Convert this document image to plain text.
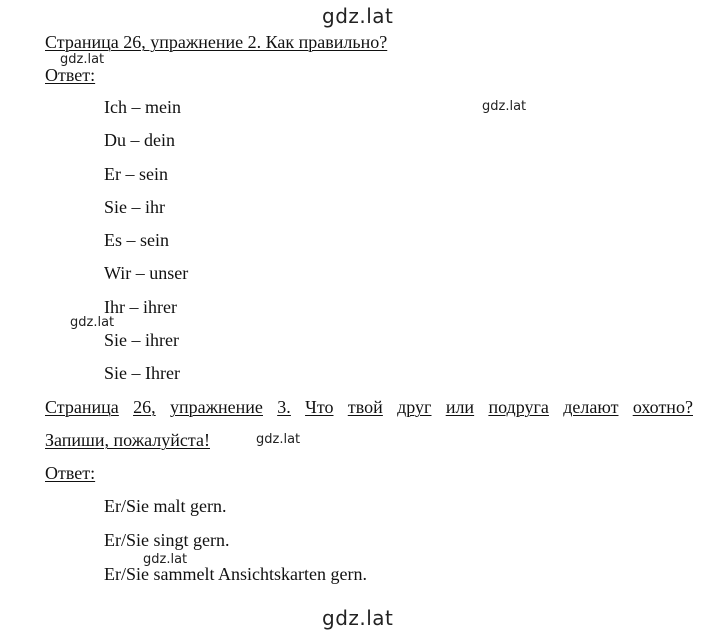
gdz.lat
gdz.lat
gdz.lat
gdz.lat
gdz.lat
gdz.lat
gdz.lat
Страница 26, упражнение 2. Как правильно?
Ответ:
Ich – mein
Du – dein
Er – sein
Sie – ihr
Es – sein
Wir – unser
Ihr – ihrer
Sie – ihrer
Sie – Ihrer
Страница 26, упражнение 3. Что твой друг или подруга делают охотно?
Запиши, пожалуйста!
Ответ:
Er/Sie malt gern.
Er/Sie singt gern.
Er/Sie sammelt Ansichtskarten gern.
